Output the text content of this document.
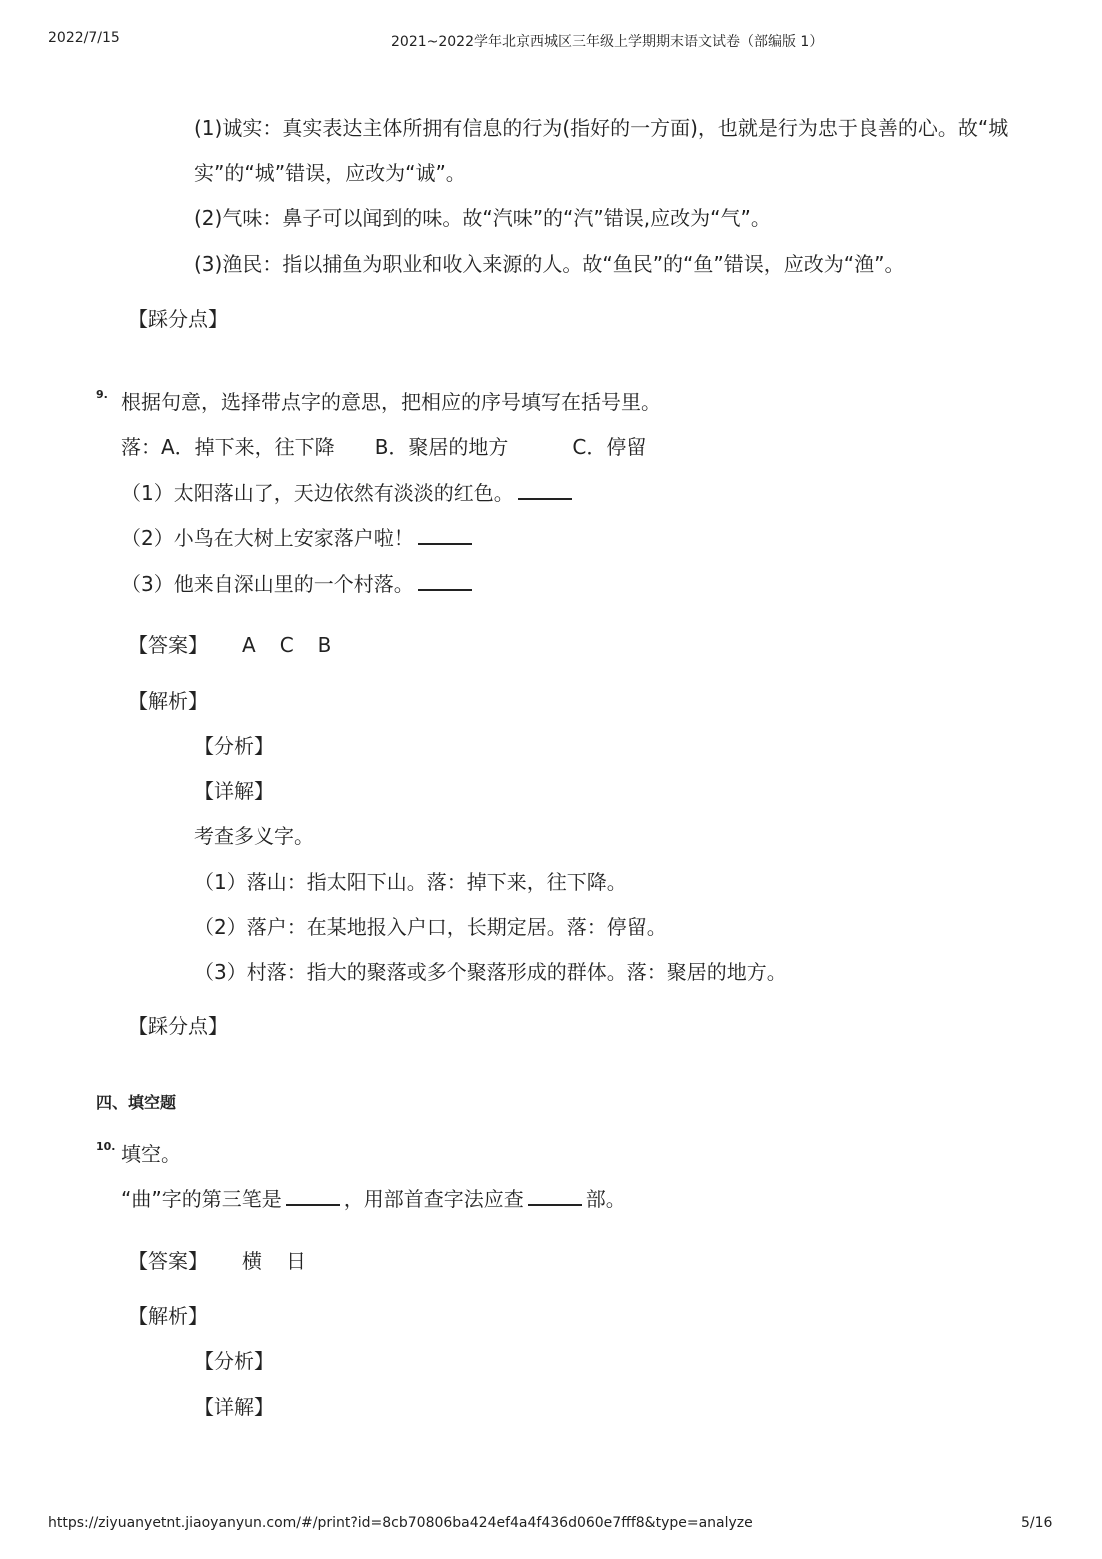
2022/7/15	2021~2022学年北京西城区三年级上学期期末语文试卷（部编版 1）
(1)诚实：真实表达主体所拥有信息的行为(指好的一方面)，也就是行为忠于良善的心。故“城
实”的“城”错误，应改为“诚”。
(2)气味：鼻子可以闻到的味。故“汽味”的“汽”错误,应改为“气”。
(3)渔民：指以捕鱼为职业和收入来源的人。故“鱼民”的“鱼”错误，应改为“渔”。
【踩分点】
9. 根据句意，选择带点字的意思，把相应的序号填写在括号里。
落：A．掉下来，往下降 B．聚居的地方	C．停留
（1）太阳落山了，天边依然有淡淡的红色。
（2）小鸟在大树上安家落户啦！
（3）他来自深山里的一个村落。
【答案】 A C B
【解析】
【分析】
【详解】
考查多义字。
（1）落山：指太阳下山。落：掉下来，往下降。
（2）落户：在某地报入户口，长期定居。落：停留。
（3）村落：指大的聚落或多个聚落形成的群体。落：聚居的地方。
【踩分点】
四、填空题
10. 填空。
“曲”字的第三笔是	，用部首查字法应查	部。
【答案】 横 日
【解析】
【分析】
【详解】
https://ziyuanyetnt.jiaoyanyun.com/#/print?id=8cb70806ba424ef4a4f436d060e7fff8&type=analyze	5/16
